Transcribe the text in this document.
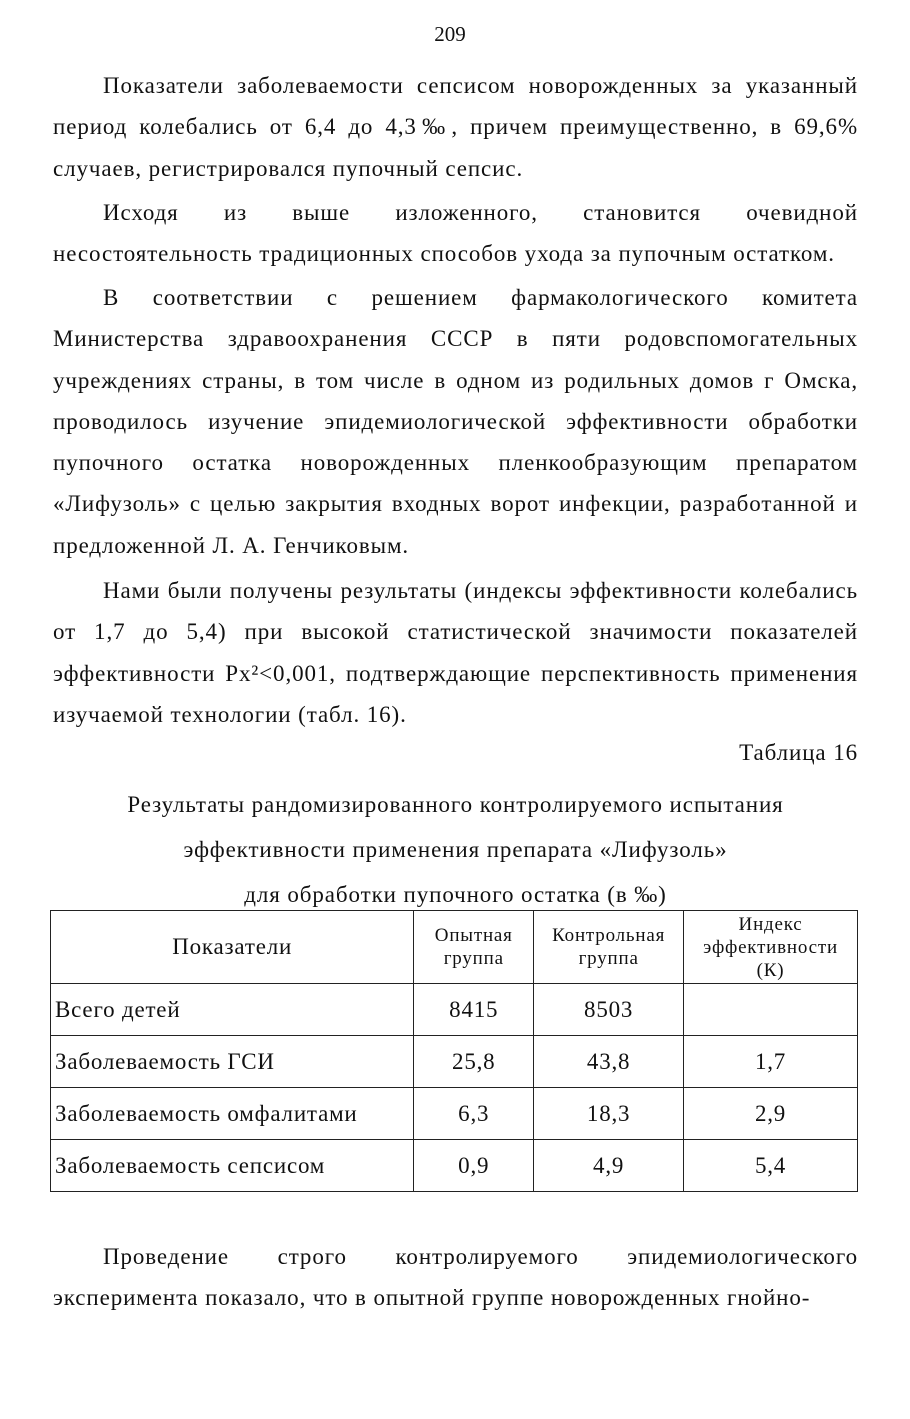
209

Показатели заболеваемости сепсисом новорожденных за указанный период колебались от 6,4 до 4,3‰, причем преимущественно, в 69,6% случаев, регистрировался пупочный сепсис.

Исходя из выше изложенного, становится очевидной несостоятельность традиционных способов ухода за пупочным остатком.

В соответствии с решением фармакологического комитета Министерства здравоохранения СССР в пяти родовспомогательных учреждениях страны, в том числе в одном из родильных домов г Омска, проводилось изучение эпидемиологической эффективности обработки пупочного остатка новорожденных пленкообразующим препаратом «Лифузоль» с целью закрытия входных ворот инфекции, разработанной и предложенной Л. А. Генчиковым.

Нами были получены результаты (индексы эффективности колебались от 1,7 до 5,4) при высокой статистической значимости показателей эффективности Px²<0,001, подтверждающие перспективность применения изучаемой технологии (табл. 16).

Таблица 16
Результаты рандомизированного контролируемого испытания
эффективности применения препарата «Лифузоль»
для обработки пупочного остатка (в ‰)
Показатели	Опытная группа	Контрольная группа	Индекс эффективности (К)
Всего детей	8415	8503	
Заболеваемость ГСИ	25,8	43,8	1,7
Заболеваемость омфалитами	6,3	18,3	2,9
Заболеваемость сепсисом	0,9	4,9	5,4

Проведение строго контролируемого эпидемиологического эксперимента показало, что в опытной группе новорожденных гнойно-
